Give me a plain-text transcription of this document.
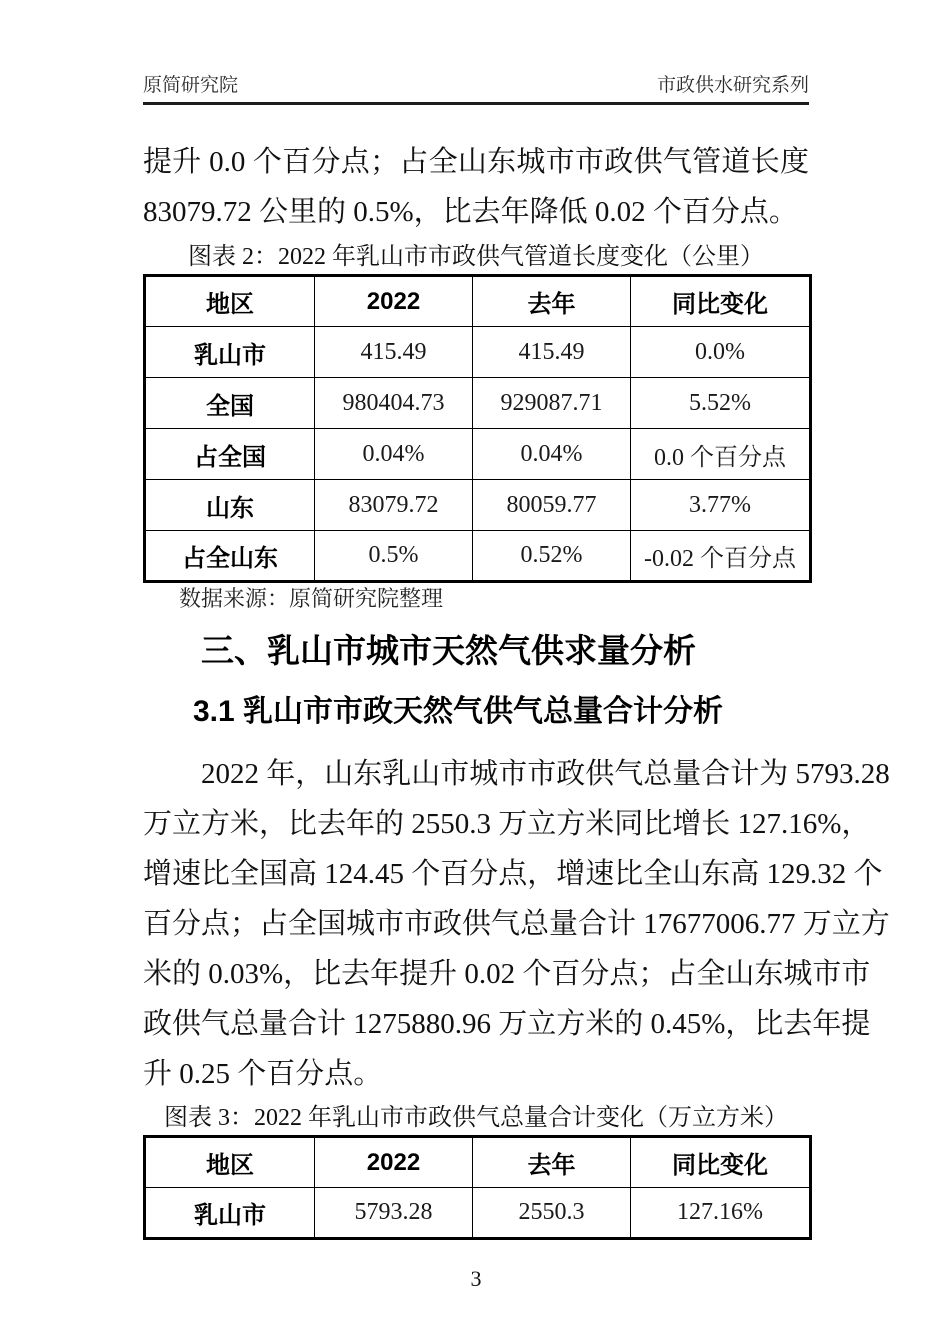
原简研究院	市政供水研究系列
提升 0.0 个百分点；占全山东城市市政供气管道长度
83079.72 公里的 0.5%，比去年降低 0.02 个百分点。
图表 2：2022 年乳山市市政供气管道长度变化（公里）
地区	2022	去年	同比变化
乳山市	415.49	415.49	0.0%
全国	980404.73	929087.71	5.52%
占全国	0.04%	0.04%	0.0 个百分点
山东	83079.72	80059.77	3.77%
占全山东	0.5%	0.52%	-0.02 个百分点
数据来源：原简研究院整理
三、乳山市城市天然气供求量分析
3.1 乳山市市政天然气供气总量合计分析
2022 年，山东乳山市城市市政供气总量合计为 5793.28
万立方米，比去年的 2550.3 万立方米同比增长 127.16%，
增速比全国高 124.45 个百分点，增速比全山东高 129.32 个
百分点；占全国城市市政供气总量合计 17677006.77 万立方
米的 0.03%，比去年提升 0.02 个百分点；占全山东城市市
政供气总量合计 1275880.96 万立方米的 0.45%，比去年提
升 0.25 个百分点。
图表 3：2022 年乳山市市政供气总量合计变化（万立方米）
地区	2022	去年	同比变化
乳山市	5793.28	2550.3	127.16%
3
